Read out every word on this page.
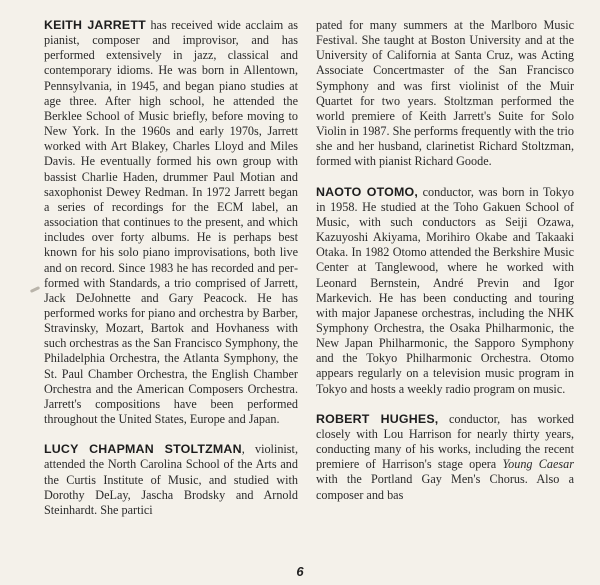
KEITH JARRETT has received wide acclaim as pianist, composer and improvisor, and has performed extensively in jazz, classical and contemporary idioms. He was born in Allentown, Pennsylvania, in 1945, and began piano studies at age three. After high school, he attended the Berklee School of Music briefly, before moving to New York. In the 1960s and early 1970s, Jarrett worked with Art Blakey, Charles Lloyd and Miles Davis. He eventually formed his own group with bassist Charlie Haden, drummer Paul Motian and saxophonist Dewey Redman. In 1972 Jarrett began a series of recordings for the ECM label, an association that continues to the present, and which includes over forty albums. He is perhaps best known for his solo piano improvisations, both live and on record. Since 1983 he has recorded and performed with Standards, a trio comprised of Jarrett, Jack DeJohnette and Gary Peacock. He has performed works for piano and orchestra by Barber, Stravinsky, Mozart, Bartok and Hovhaness with such orchestras as the San Francisco Symphony, the Philadelphia Orchestra, the Atlanta Symphony, the St. Paul Chamber Orchestra, the English Chamber Orchestra and the American Composers Orchestra. Jarrett's compositions have been performed throughout the United States, Europe and Japan.

LUCY CHAPMAN STOLTZMAN, violinist, attended the North Carolina School of the Arts and the Curtis Institute of Music, and studied with Dorothy DeLay, Jascha Brodsky and Arnold Steinhardt. She partici

pated for many summers at the Marlboro Music Festival. She taught at Boston University and at the University of California at Santa Cruz, was Acting Associate Concertmaster of the San Francisco Symphony and was first violinist of the Muir Quartet for two years. Stoltzman performed the world premiere of Keith Jarrett's Suite for Solo Violin in 1987. She performs frequently with the trio she and her husband, clarinetist Richard Stoltzman, formed with pianist Richard Goode.

NAOTO OTOMO, conductor, was born in Tokyo in 1958. He studied at the Toho Gakuen School of Music, with such conductors as Seiji Ozawa, Kazuyoshi Akiyama, Morihiro Okabe and Takaaki Otaka. In 1982 Otomo attended the Berkshire Music Center at Tanglewood, where he worked with Leonard Bernstein, André Previn and Igor Markevich. He has been conducting and touring with major Japanese orchestras, including the NHK Symphony Orchestra, the Osaka Philharmonic, the New Japan Philharmonic, the Sapporo Symphony and the Tokyo Philharmonic Orchestra. Otomo appears regularly on a television music program in Tokyo and hosts a weekly radio program on music.

ROBERT HUGHES, conductor, has worked closely with Lou Harrison for nearly thirty years, conducting many of his works, including the recent premiere of Harrison's stage opera Young Caesar with the Portland Gay Men's Chorus. Also a composer and bas

6
